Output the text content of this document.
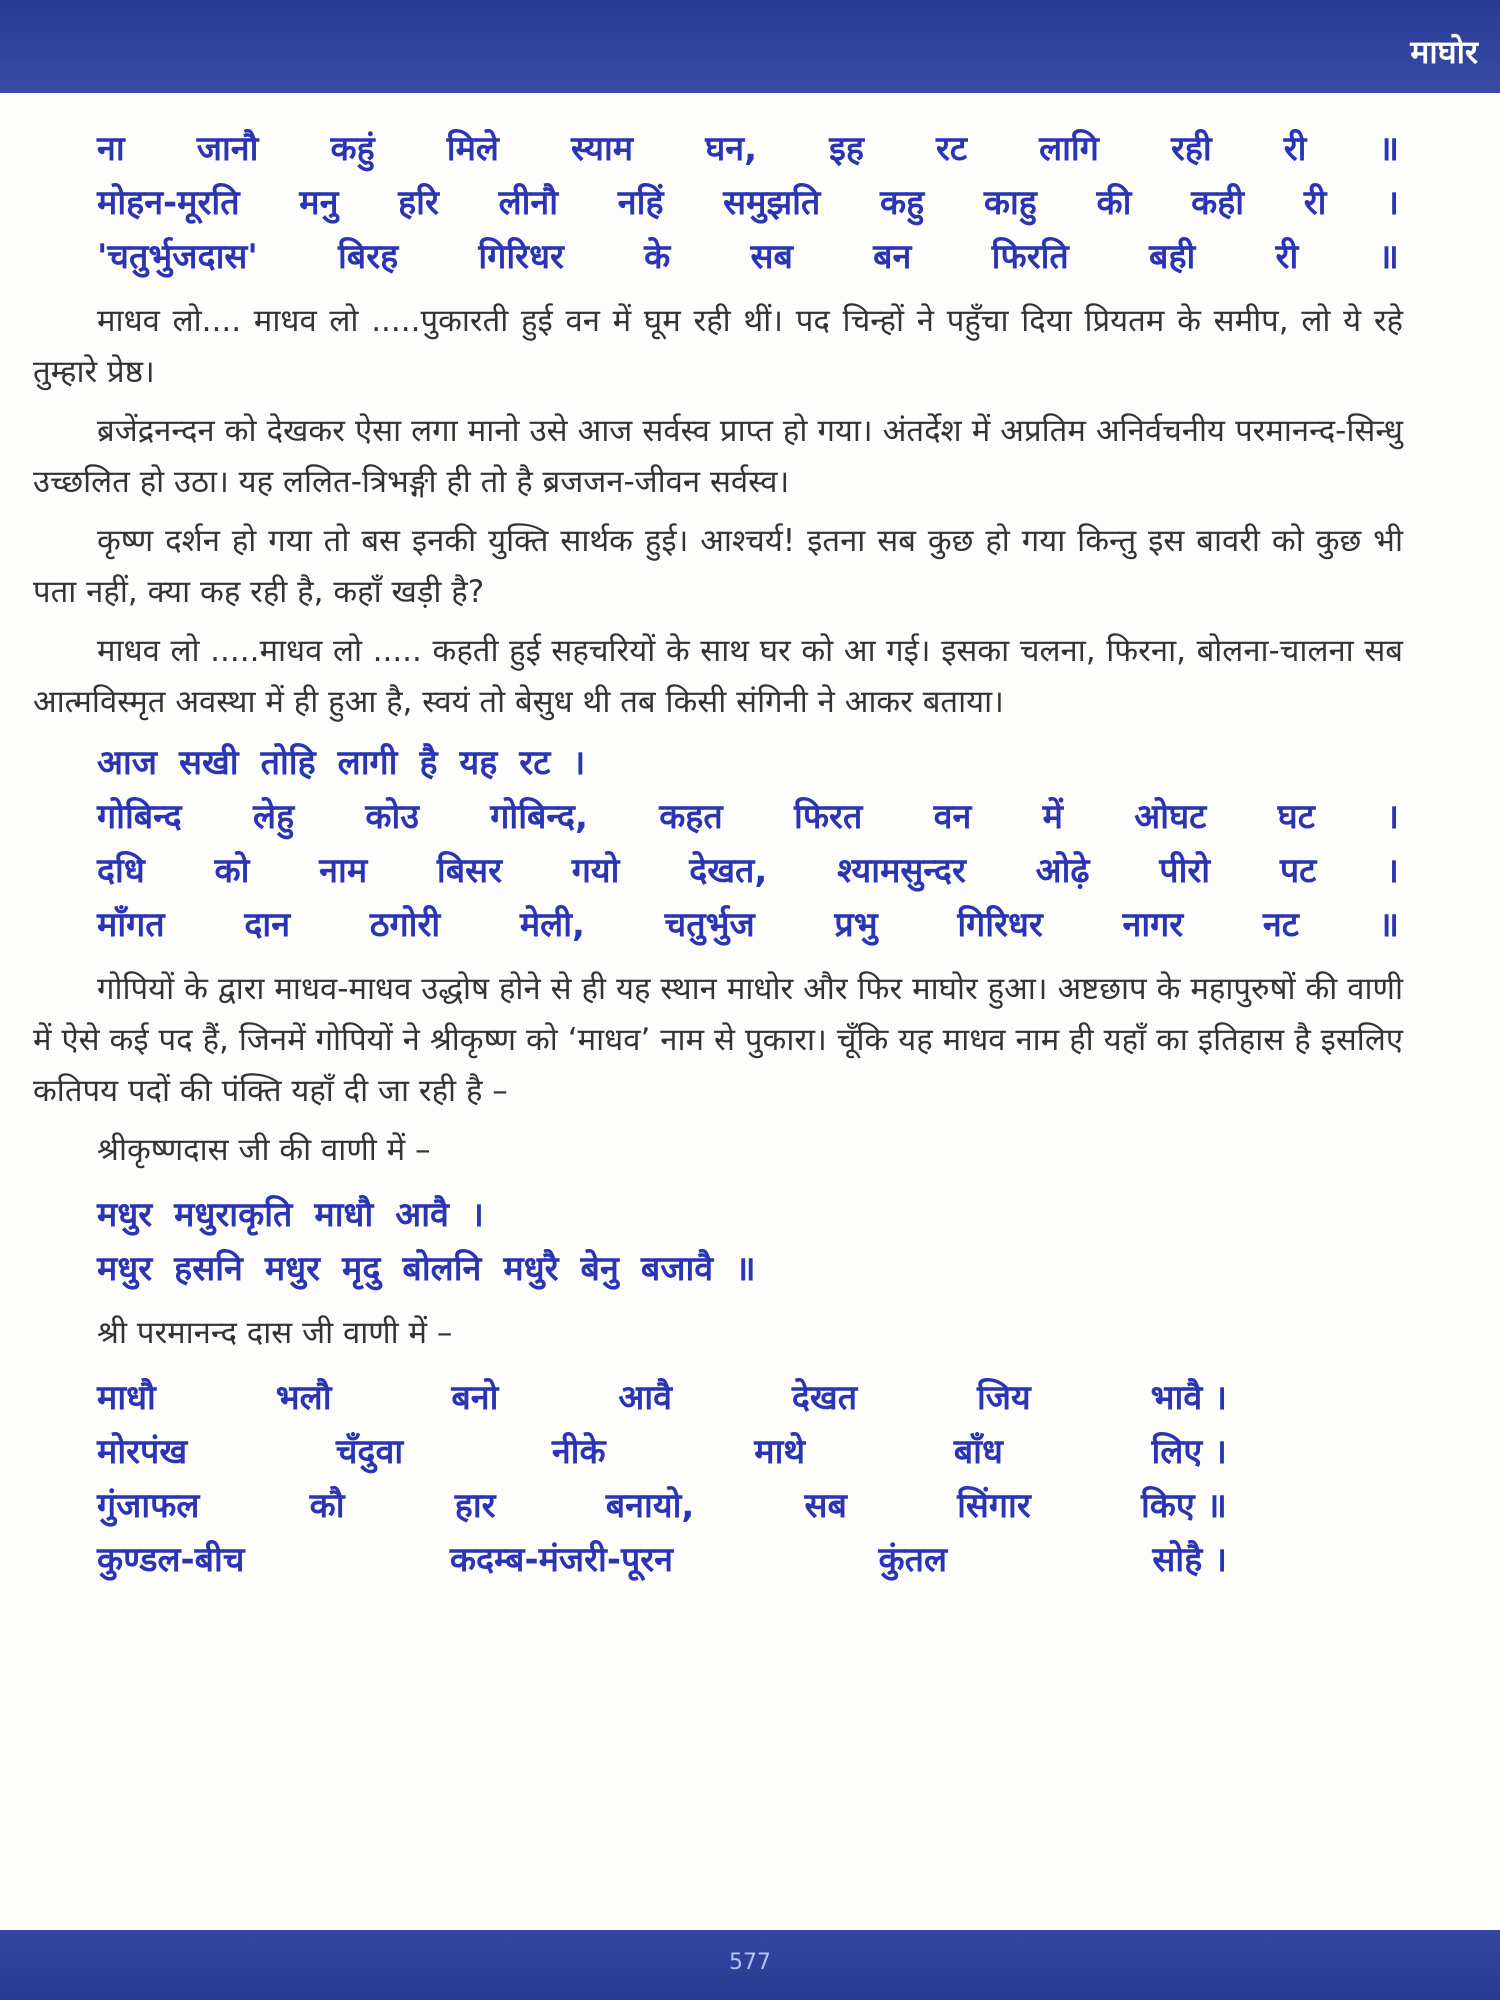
माघोर
ना जानौ कहुं मिले स्याम घन, इह रट लागि रही री ॥
मोहन-मूरति मनु हरि लीनौ नहिं समुझति कहु काहु की कही री ।
'चतुर्भुजदास' बिरह गिरिधर के सब बन फिरति बही री ॥

माधव लो.... माधव लो .....पुकारती हुई वन में घूम रही थीं। पद चिन्हों ने पहुँचा दिया प्रियतम के समीप, लो ये रहे तुम्हारे प्रेष्ठ।

ब्रजेंद्रनन्दन को देखकर ऐसा लगा मानो उसे आज सर्वस्व प्राप्त हो गया। अंतर्देश में अप्रतिम अनिर्वचनीय परमानन्द-सिन्धु उच्छलित हो उठा। यह ललित-त्रिभङ्गी ही तो है ब्रजजन-जीवन सर्वस्व।

कृष्ण दर्शन हो गया तो बस इनकी युक्ति सार्थक हुई। आश्चर्य! इतना सब कुछ हो गया किन्तु इस बावरी को कुछ भी पता नहीं, क्या कह रही है, कहाँ खड़ी है?

माधव लो .....माधव लो ..... कहती हुई सहचरियों के साथ घर को आ गई। इसका चलना, फिरना, बोलना-चालना सब आत्मविस्मृत अवस्था में ही हुआ है, स्वयं तो बेसुध थी तब किसी संगिनी ने आकर बताया।

आज सखी तोहि लागी है यह रट ।
गोबिन्द लेहु कोउ गोबिन्द, कहत फिरत वन में ओघट घट ।
दधि को नाम बिसर गयो देखत, श्यामसुन्दर ओढ़े पीरो पट ।
माँगत दान ठगोरी मेली, चतुर्भुज प्रभु गिरिधर नागर नट ॥

गोपियों के द्वारा माधव-माधव उद्धोष होने से ही यह स्थान माधोर और फिर माघोर हुआ। अष्टछाप के महापुरुषों की वाणी में ऐसे कई पद हैं, जिनमें गोपियों ने श्रीकृष्ण को ‘माधव’ नाम से पुकारा। चूँकि यह माधव नाम ही यहाँ का इतिहास है इसलिए कतिपय पदों की पंक्ति यहाँ दी जा रही है –

श्रीकृष्णदास जी की वाणी में –
मधुर मधुराकृति माधौ आवै ।
मधुर हसनि मधुर मृदु बोलनि मधुरै बेनु बजावै ॥
श्री परमानन्द दास जी वाणी में –
माधौ	भलौ	बनो	आवै	देखत	जिय	भावै ।
मोरपंख	चँदुवा	नीके	माथे	बाँध	लिए ।
गुंजाफल	कौ	हार	बनायो,	सब	सिंगार	किए ॥
कुण्डल-बीच	कदम्ब-मंजरी-पूरन	कुंतल	सोहै ।
577
